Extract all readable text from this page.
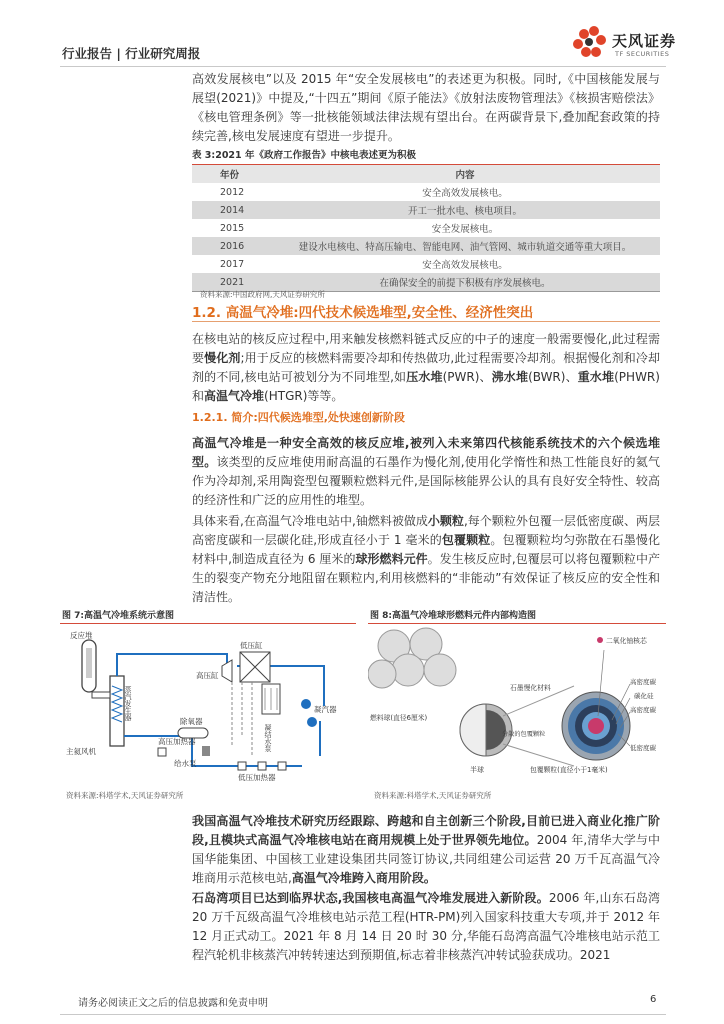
行业报告 | 行业研究周报
天风证券
TF SECURITIES

高效发展核电”以及 2015 年“安全发展核电”的表述更为积极。同时,《中国核能发展与展望(2021)》中提及,“十四五”期间《原子能法》《放射法废物管理法》《核损害赔偿法》《核电管理条例》等一批核能领域法律法规有望出台。在两碳背景下,叠加配套政策的持续完善,核电发展速度有望进一步提升。

表 3:2021 年《政府工作报告》中核电表述更为积极
年份	内容
2012	安全高效发展核电。
2014	开工一批水电、核电项目。
2015	安全发展核电。
2016	建设水电核电、特高压输电、智能电网、油气管网、城市轨道交通等重大项目。
2017	安全高效发展核电。
2021	在确保安全的前提下积极有序发展核电。
资料来源:中国政府网,天风证券研究所
1.2. 高温气冷堆:四代技术候选堆型,安全性、经济性突出

在核电站的核反应过程中,用来触发核燃料链式反应的中子的速度一般需要慢化,此过程需要慢化剂;用于反应的核燃料需要冷却和传热做功,此过程需要冷却剂。根据慢化剂和冷却剂的不同,核电站可被划分为不同堆型,如压水堆(PWR)、沸水堆(BWR)、重水堆(PHWR)和高温气冷堆(HTGR)等等。

1.2.1. 简介:四代候选堆型,处快速创新阶段

高温气冷堆是一种安全高效的核反应堆,被列入未来第四代核能系统技术的六个候选堆型。该类型的反应堆使用耐高温的石墨作为慢化剂,使用化学惰性和热工性能良好的氦气作为冷却剂,采用陶瓷型包覆颗粒燃料元件,是国际核能界公认的具有良好安全特性、较高的经济性和广泛的应用性的堆型。

具体来看,在高温气冷堆电站中,铀燃料被做成小颗粒,每个颗粒外包覆一层低密度碳、两层高密度碳和一层碳化硅,形成直径小于 1 毫米的包覆颗粒。包覆颗粒均匀弥散在石墨慢化材料中,制造成直径为 6 厘米的球形燃料元件。发生核反应时,包覆层可以将包覆颗粒中产生的裂变产物充分地阻留在颗粒内,利用核燃料的“非能动”有效保证了核反应的安全性和清洁性。

图 7:高温气冷堆系统示意图
反应堆
高压缸
低压缸
蒸汽发生器
除氧器
凝汽器
凝结水泵
主氦风机
高压加热器
给水泵
低压加热器
资料来源:科塔学术,天风证券研究所
图 8:高温气冷堆球形燃料元件内部构造图
燃料球(直径6厘米)
半球
石墨慢化材料
分散的包覆颗粒
包覆颗粒(直径小于1毫米)
二氧化铀核芯
高密度碳
碳化硅
高密度碳
低密度碳
资料来源:科塔学术,天风证券研究所

我国高温气冷堆技术研究历经跟踪、跨越和自主创新三个阶段,目前已进入商业化推广阶段,且模块式高温气冷堆核电站在商用规模上处于世界领先地位。2004 年,清华大学与中国华能集团、中国核工业建设集团共同签订协议,共同组建公司运营 20 万千瓦高温气冷堆商用示范核电站,高温气冷堆跨入商用阶段。

石岛湾项目已达到临界状态,我国核电高温气冷堆发展进入新阶段。2006 年,山东石岛湾 20 万千瓦级高温气冷堆核电站示范工程(HTR-PM)列入国家科技重大专项,并于 2012 年 12 月正式动工。2021 年 8 月 14 日 20 时 30 分,华能石岛湾高温气冷堆核电站示范工程汽轮机非核蒸汽冲转转速达到预期值,标志着非核蒸汽冲转试验获成功。2021

请务必阅读正文之后的信息披露和免责申明	6
